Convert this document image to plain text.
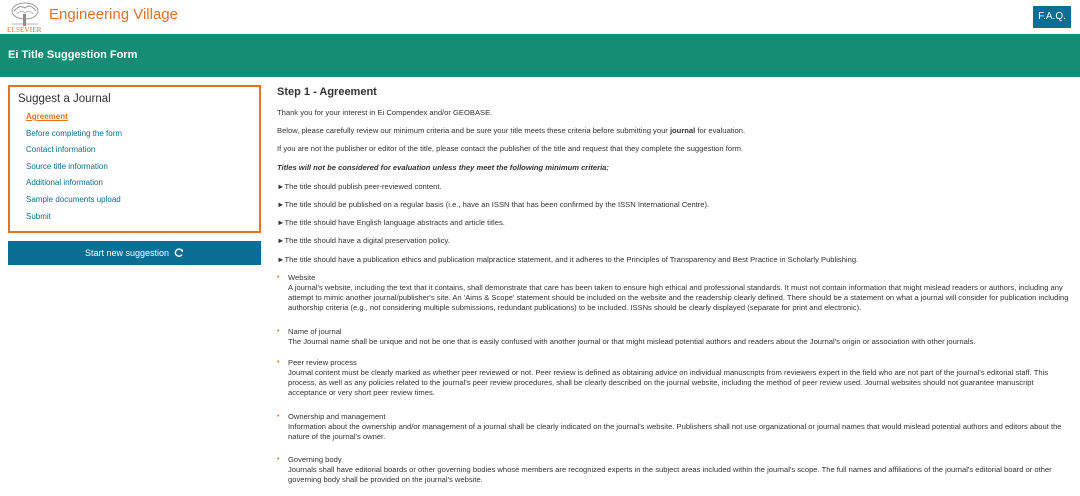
ELSEVIER
Engineering Village	F.A.Q.
Ei Title Suggestion Form
Suggest a Journal
Agreement
Before completing the form
Contact information
Source title information
Additional information
Sample documents upload
Submit
Start new suggestion
Step 1 - Agreement
Thank you for your interest in Ei Compendex and/or GEOBASE.
Below, please carefully review our minimum criteria and be sure your title meets these criteria before submitting your journal for evaluation.
If you are not the publisher or editor of the title, please contact the publisher of the title and request that they complete the suggestion form.
Titles will not be considered for evaluation unless they meet the following minimum criteria:
►The title should publish peer-reviewed content.
►The title should be published on a regular basis (i.e., have an ISSN that has been confirmed by the ISSN International Centre).
►The title should have English language abstracts and article titles.
►The title should have a digital preservation policy.
►The title should have a publication ethics and publication malpractice statement, and it adheres to the Principles of Transparency and Best Practice in Scholarly Publishing.
• Website
A journal's website, including the text that it contains, shall demonstrate that care has been taken to ensure high ethical and professional standards. It must not contain information that might mislead readers or authors, including any attempt to mimic another journal/publisher's site. An 'Aims & Scope' statement should be included on the website and the readership clearly defined. There should be a statement on what a journal will consider for publication including authorship criteria (e.g., not considering multiple submissions, redundant publications) to be included. ISSNs should be clearly displayed (separate for print and electronic).
• Name of journal
The Journal name shall be unique and not be one that is easily confused with another journal or that might mislead potential authors and readers about the Journal's origin or association with other journals.
• Peer review process
Journal content must be clearly marked as whether peer reviewed or not. Peer review is defined as obtaining advice on individual manuscripts from reviewers expert in the field who are not part of the journal's editorial staff. This process, as well as any policies related to the journal's peer review procedures, shall be clearly described on the journal website, including the method of peer review used. Journal websites should not guarantee manuscript acceptance or very short peer review times.
• Ownership and management
Information about the ownership and/or management of a journal shall be clearly indicated on the journal's website. Publishers shall not use organizational or journal names that would mislead potential authors and editors about the nature of the journal's owner.
• Governing body
Journals shall have editorial boards or other governing bodies whose members are recognized experts in the subject areas included within the journal's scope. The full names and affiliations of the journal's editorial board or other governing body shall be provided on the journal's website.
